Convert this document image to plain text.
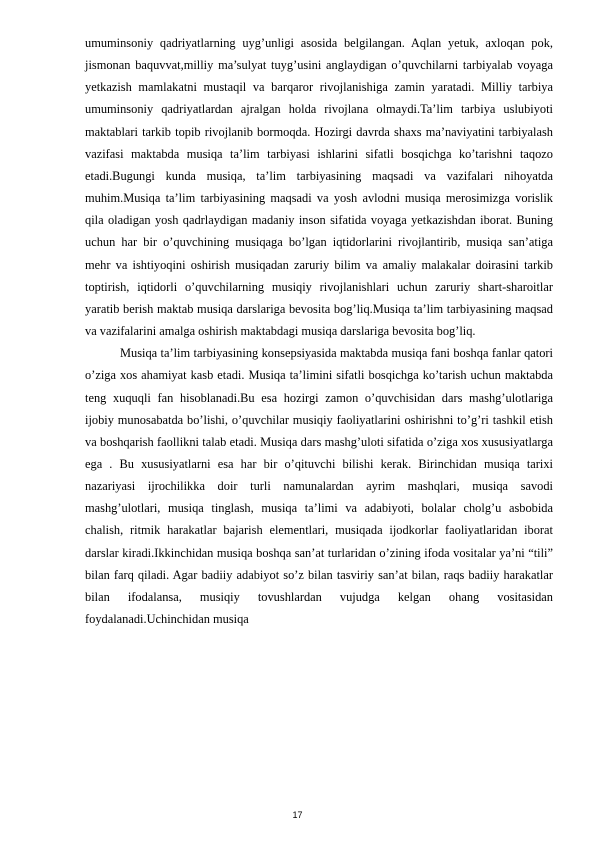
umuminsoniy qadriyatlarning uyg’unligi asosida belgilangan. Aqlan yetuk, axloqan pok, jismonan baquvvat,milliy ma’sulyat tuyg’usini anglaydigan o’quvchilarni tarbiyalab voyaga yetkazish mamlakatni mustaqil va barqaror rivojlanishiga zamin yaratadi. Milliy tarbiya umuminsoniy qadriyatlardan ajralgan holda rivojlana olmaydi.Ta’lim tarbiya uslubiyoti maktablari tarkib topib rivojlanib bormoqda. Hozirgi davrda shaxs ma’naviyatini tarbiyalash vazifasi maktabda musiqa ta’lim tarbiyasi ishlarini sifatli bosqichga ko’tarishni taqozo etadi.Bugungi kunda musiqa, ta’lim tarbiyasining maqsadi va vazifalari nihoyatda muhim.Musiqa ta’lim tarbiyasining maqsadi va yosh avlodni musiqa merosimizga vorislik qila oladigan yosh qadrlaydigan madaniy inson sifatida voyaga yetkazishdan iborat. Buning uchun har bir o’quvchining musiqaga bo’lgan iqtidorlarini rivojlantirib, musiqa san’atiga mehr va ishtiyoqini oshirish musiqadan zaruriy bilim va amaliy malakalar doirasini tarkib toptirish, iqtidorli o’quvchilarning musiqiy rivojlanishlari uchun zaruriy shart-sharoitlar yaratib berish maktab musiqa darslariga bevosita bog’liq.Musiqa ta’lim tarbiyasining maqsad va vazifalarini amalga oshirish maktabdagi musiqa darslariga bevosita bog’liq.

Musiqa ta’lim tarbiyasining konsepsiyasida maktabda musiqa fani boshqa fanlar qatori o’ziga xos ahamiyat kasb etadi. Musiqa ta’limini sifatli bosqichga ko’tarish uchun maktabda teng xuquqli fan hisoblanadi.Bu esa hozirgi zamon o’quvchisidan dars mashg’ulotlariga ijobiy munosabatda bo’lishi, o’quvchilar musiqiy faoliyatlarini oshirishni to’g’ri tashkil etish va boshqarish faollikni talab etadi. Musiqa dars mashg’uloti sifatida o’ziga xos xususiyatlarga ega . Bu xususiyatlarni esa har bir o’qituvchi bilishi kerak. Birinchidan musiqa tarixi nazariyasi ijrochilikka doir turli namunalardan ayrim mashqlari, musiqa savodi mashg’ulotlari, musiqa tinglash, musiqa ta’limi va adabiyoti, bolalar cholg’u asbobida chalish, ritmik harakatlar bajarish elementlari, musiqada ijodkorlar faoliyatlaridan iborat darslar kiradi.Ikkinchidan musiqa boshqa san’at turlaridan o’zining ifoda vositalar ya’ni “tili” bilan farq qiladi. Agar badiiy adabiyot so’z bilan tasviriy san’at bilan, raqs badiiy harakatlar bilan ifodalansa, musiqiy tovushlardan vujudga kelgan ohang vositasidan foydalanadi.Uchinchidan musiqa

17
